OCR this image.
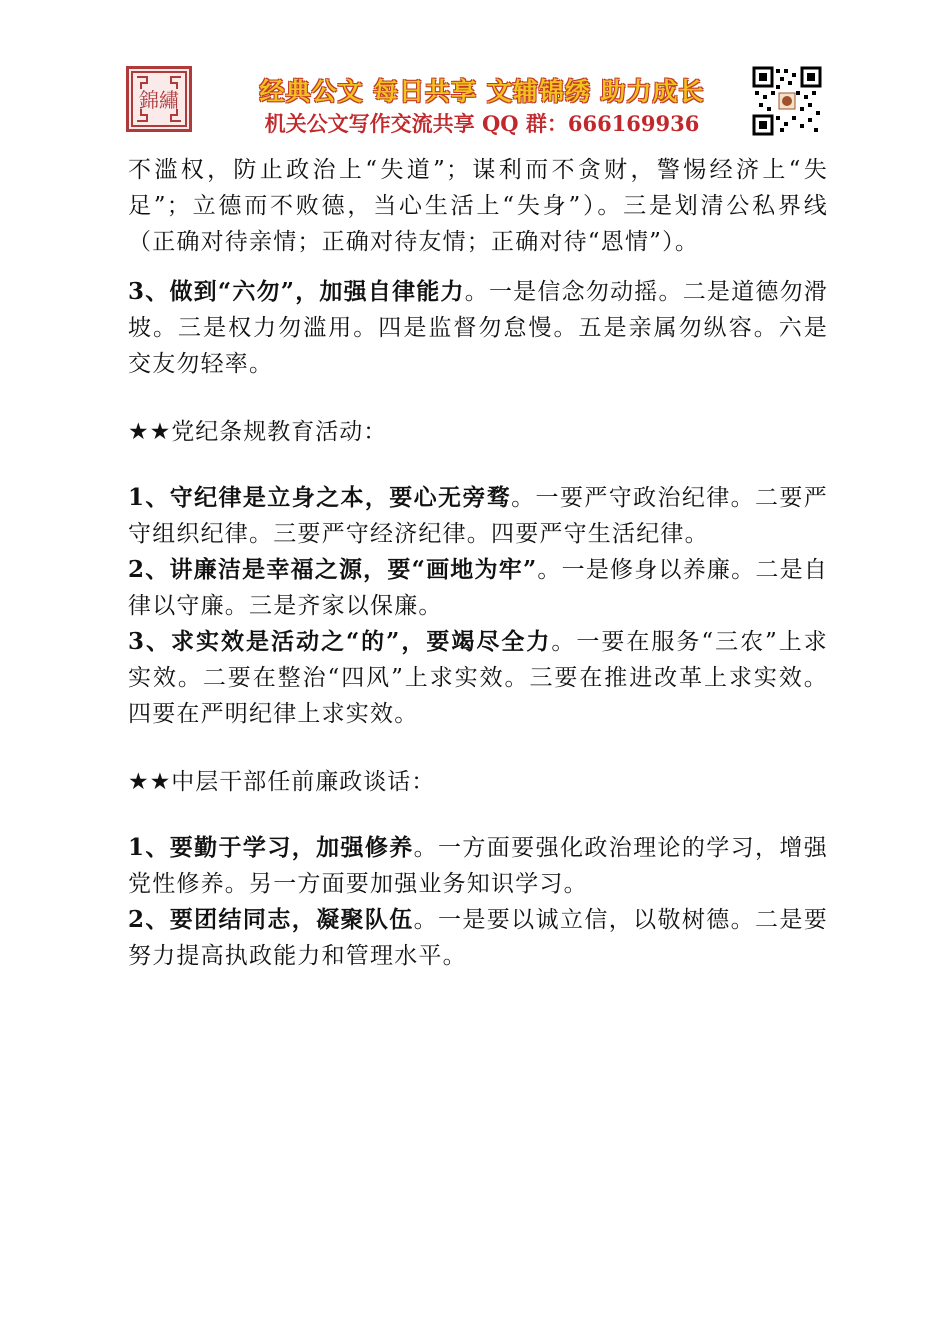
錦繡	经典公文 每日共享 文辅锦绣 助力成长
机关公文写作交流共享 QQ 群：666169936

不滥权，防止政治上“失道”；谋利而不贪财，警惕经济上“失足”；立德而不败德，当心生活上“失身”）。三是划清公私界线（正确对待亲情；正确对待友情；正确对待“恩情”）。

3、做到“六勿”，加强自律能力。一是信念勿动摇。二是道德勿滑坡。三是权力勿滥用。四是监督勿怠慢。五是亲属勿纵容。六是交友勿轻率。

★★党纪条规教育活动：

1、守纪律是立身之本，要心无旁骛。一要严守政治纪律。二要严守组织纪律。三要严守经济纪律。四要严守生活纪律。

2、讲廉洁是幸福之源，要“画地为牢”。一是修身以养廉。二是自律以守廉。三是齐家以保廉。

3、求实效是活动之“的”，要竭尽全力。一要在服务“三农”上求实效。二要在整治“四风”上求实效。三要在推进改革上求实效。四要在严明纪律上求实效。

★★中层干部任前廉政谈话：

1、要勤于学习，加强修养。一方面要强化政治理论的学习，增强党性修养。另一方面要加强业务知识学习。

2、要团结同志，凝聚队伍。一是要以诚立信，以敬树德。二是要努力提高执政能力和管理水平。
